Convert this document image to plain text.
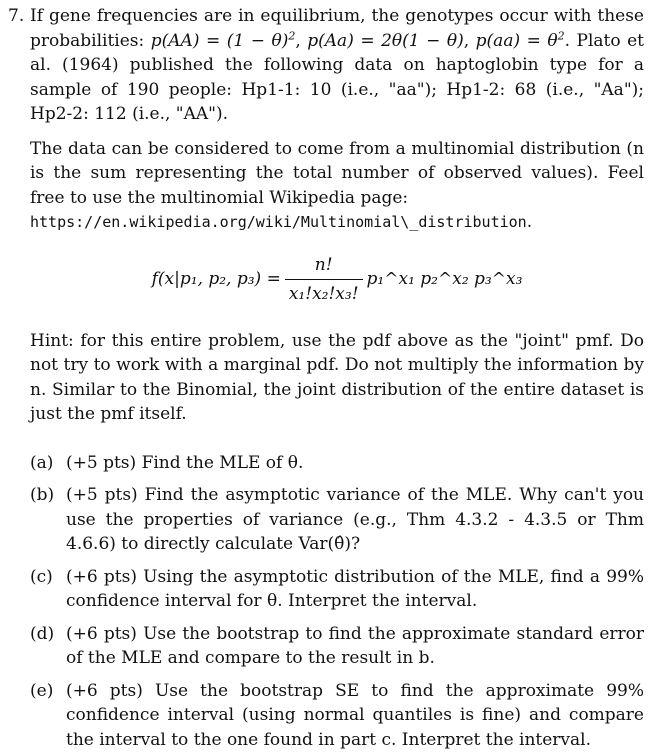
7. If gene frequencies are in equilibrium, the genotypes occur with these probabilities: $p(AA) = (1 - \theta)^2$, p(Aa) = 2θ(1 − θ), $p(aa) = \theta^2$. Plato et al. (1964) published the following data on haptoglobin type for a sample of 190 people: Hp1-1: 10 (i.e., "aa"); Hp1-2: 68 (i.e., "Aa"); Hp2-2: 112 (i.e., "AA").

The data can be considered to come from a multinomial distribution (n is the sum representing the total number of observed values). Feel free to use the multinomial Wikipedia page:
https://en.wikipedia.org/wiki/Multinomial\_distribution.

f(x|p₁, p₂, $p_3) = \frac{n!}{\text{x₁!x₂!x₃!}}$ p₁^x₁ p₂^x₂ p₃^x₃

Hint: for this entire problem, use the pdf above as the "joint" pmf. Do not try to work with a marginal pdf. Do not multiply the information by n. Similar to the Binomial, the joint distribution of the entire dataset is just the pmf itself.

(a) (+5 pts) Find the MLE of θ.
(b) (+5 pts) Find the asymptotic variance of the MLE. Why can't you use the properties of variance (e.g., Thm 4.3.2 - 4.3.5 or Thm 4.6.6) to directly calculate Var(θ̂)?
(c) (+6 pts) Using the asymptotic distribution of the MLE, find a 99% confidence interval for θ. Interpret the interval.
(d) (+6 pts) Use the bootstrap to find the approximate standard error of the MLE and compare to the result in b.
(e) (+6 pts) Use the bootstrap SE to find the approximate 99% confidence interval (using normal quantiles is fine) and compare the interval to the one found in part c. Interpret the interval.
